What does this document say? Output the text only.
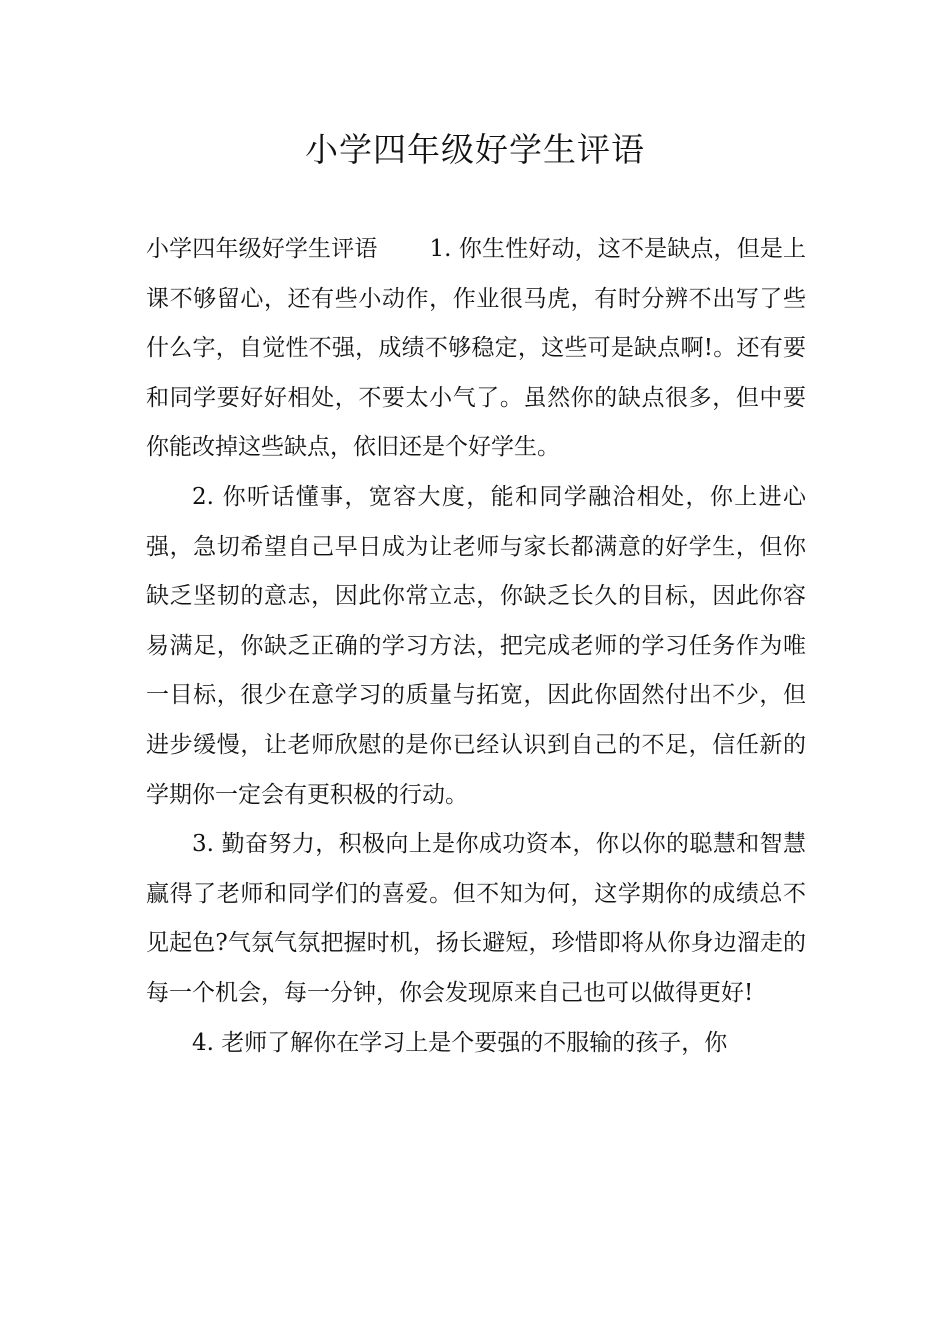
小学四年级好学生评语

小学四年级好学生评语 1. 你生性好动，这不是缺点，但是上课不够留心，还有些小动作，作业很马虎，有时分辨不出写了些什么字，自觉性不强，成绩不够稳定，这些可是缺点啊!。还有要和同学要好好相处，不要太小气了。虽然你的缺点很多，但中要你能改掉这些缺点，依旧还是个好学生。

2. 你听话懂事，宽容大度，能和同学融洽相处，你上进心强，急切希望自己早日成为让老师与家长都满意的好学生，但你缺乏坚韧的意志，因此你常立志，你缺乏长久的目标，因此你容易满足，你缺乏正确的学习方法，把完成老师的学习任务作为唯一目标，很少在意学习的质量与拓宽，因此你固然付出不少，但进步缓慢，让老师欣慰的是你已经认识到自己的不足，信任新的学期你一定会有更积极的行动。

3. 勤奋努力，积极向上是你成功资本，你以你的聪慧和智慧赢得了老师和同学们的喜爱。但不知为何，这学期你的成绩总不见起色?气氛气氛把握时机，扬长避短，珍惜即将从你身边溜走的每一个机会，每一分钟，你会发现原来自己也可以做得更好!

4. 老师了解你在学习上是个要强的不服输的孩子，你
